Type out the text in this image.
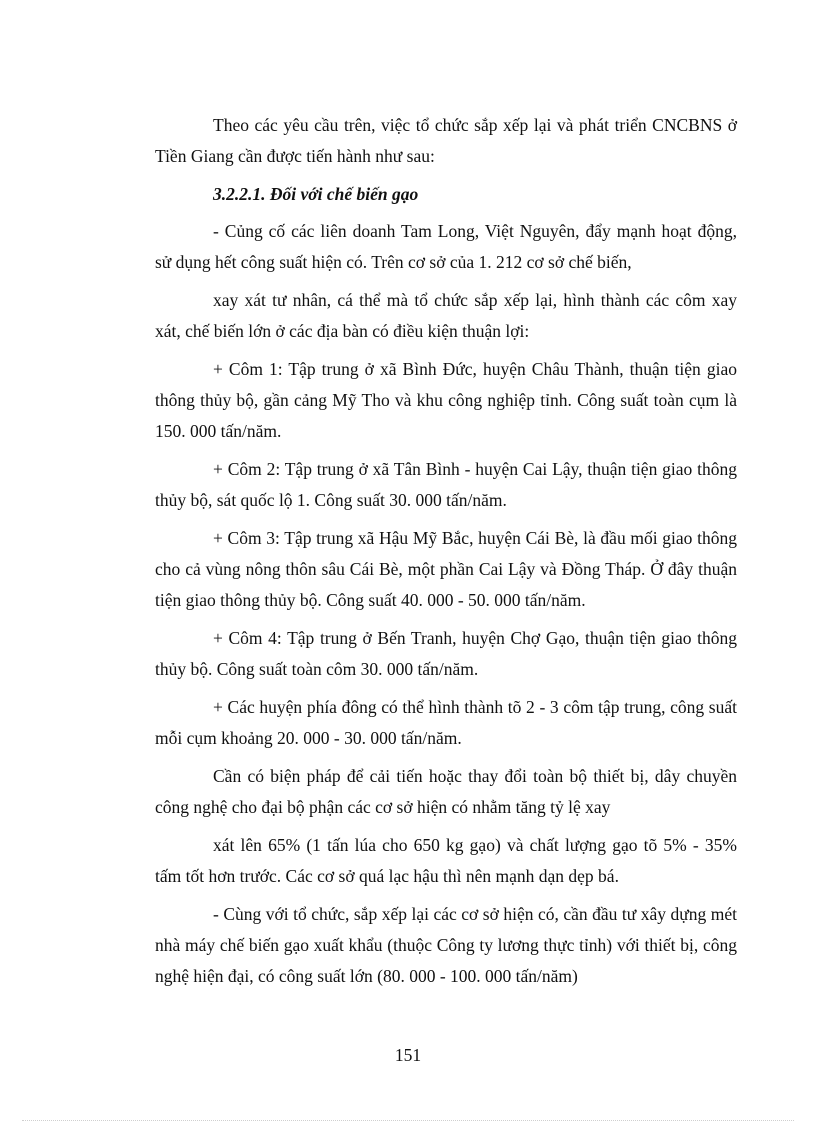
Theo các yêu cầu trên, việc tổ chức sắp xếp lại và phát triển CNCBNS ở Tiền Giang cần được tiến hành như sau:

3.2.2.1. Đối với chế biến gạo

- Củng cố các liên doanh Tam Long, Việt Nguyên, đẩy mạnh hoạt động, sử dụng hết công suất hiện có. Trên cơ sở của 1. 212 cơ sở chế biến,

xay xát tư nhân, cá thể mà tổ chức sắp xếp lại, hình thành các côm xay xát, chế biến lớn ở các địa bàn có điều kiện thuận lợi:

+ Côm 1: Tập trung ở xã Bình Đức, huyện Châu Thành, thuận tiện giao thông thủy bộ, gần cảng Mỹ Tho và khu công nghiệp tỉnh. Công suất toàn cụm là 150. 000 tấn/năm.

+ Côm 2: Tập trung ở xã Tân Bình - huyện Cai Lậy, thuận tiện giao thông thủy bộ, sát quốc lộ 1. Công suất 30. 000 tấn/năm.

+ Côm 3: Tập trung xã Hậu Mỹ Bắc, huyện Cái Bè, là đầu mối giao thông cho cả vùng nông thôn sâu Cái Bè, một phần Cai Lậy và Đồng Tháp. Ở đây thuận tiện giao thông thủy bộ. Công suất 40. 000 - 50. 000 tấn/năm.

+ Côm 4: Tập trung ở Bến Tranh, huyện Chợ Gạo, thuận tiện giao thông thủy bộ. Công suất toàn côm 30. 000 tấn/năm.

+ Các huyện phía đông có thể hình thành tõ 2 - 3 côm tập trung, công suất mỗi cụm khoảng 20. 000 - 30. 000 tấn/năm.

Cần có biện pháp để cải tiến hoặc thay đổi toàn bộ thiết bị, dây chuyền công nghệ cho đại bộ phận các cơ sở hiện có nhằm tăng tỷ lệ xay

xát lên 65% (1 tấn lúa cho 650 kg gạo) và chất lượng gạo tõ 5% - 35% tấm tốt hơn trước. Các cơ sở quá lạc hậu thì nên mạnh dạn dẹp bá.

- Cùng với tổ chức, sắp xếp lại các cơ sở hiện có, cần đầu tư xây dựng mét nhà máy chế biến gạo xuất khẩu (thuộc Công ty lương thực tỉnh) với thiết bị, công nghệ hiện đại, có công suất lớn (80. 000 - 100. 000 tấn/năm)

151
